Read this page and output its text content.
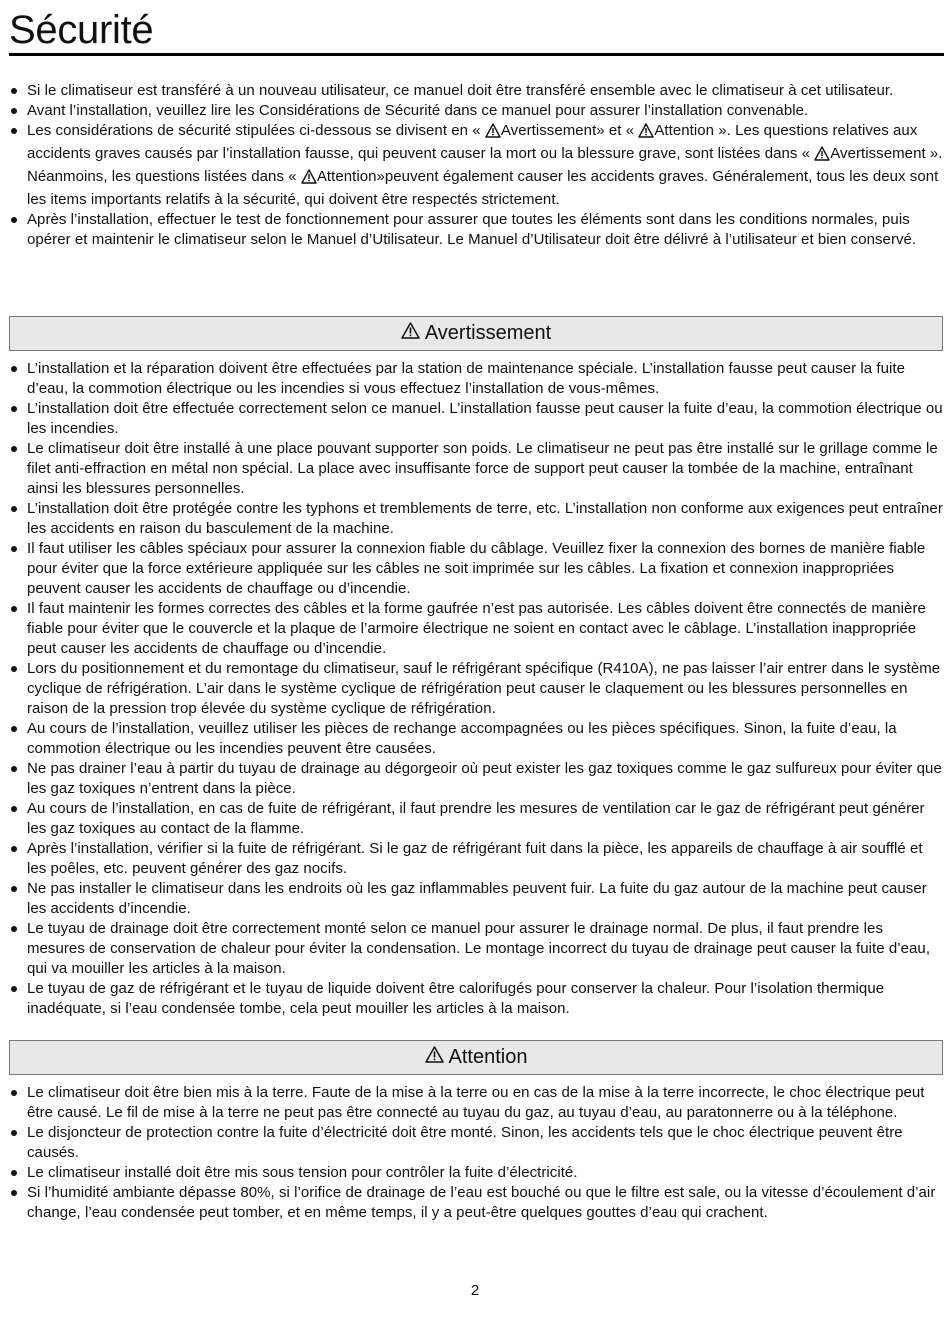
Sécurité
Si le climatiseur est transféré à un nouveau utilisateur, ce manuel doit être transféré ensemble avec le climatiseur à cet utilisateur.
Avant l’installation, veuillez lire les Considérations de Sécurité dans ce manuel pour assurer l’installation convenable.
Les considérations de sécurité stipulées ci-dessous se divisent en « Avertissement» et « Attention ». Les questions relatives aux accidents graves causés par l’installation fausse, qui peuvent causer la mort ou la blessure grave, sont listées dans « Avertissement ». Néanmoins, les questions listées dans « Attention»peuvent également causer les accidents graves. Généralement, tous les deux sont les items importants relatifs à la sécurité, qui doivent être respectés strictement.
Après l’installation, effectuer le test de fonctionnement pour assurer que toutes les éléments sont dans les conditions normales, puis opérer et maintenir le climatiseur selon le Manuel d’Utilisateur. Le Manuel d’Utilisateur doit être délivré à l’utilisateur et bien conservé.
Avertissement
L’installation et la réparation doivent être effectuées par la station de maintenance spéciale. L’installation fausse peut causer la fuite d’eau, la commotion électrique ou les incendies si vous effectuez l’installation de vous-mêmes.
L’installation doit être effectuée correctement selon ce manuel. L’installation fausse peut causer la fuite d’eau, la commotion électrique ou les incendies.
Le climatiseur doit être installé à une place pouvant supporter son poids. Le climatiseur ne peut pas être installé sur le grillage comme le filet anti-effraction en métal non spécial. La place avec insuffisante force de support peut causer la tombée de la machine, entraînant ainsi les blessures personnelles.
L’installation doit être protégée contre les typhons et tremblements de terre, etc. L’installation non conforme aux exigences peut entraîner les accidents en raison du basculement de la machine.
Il faut utiliser les câbles spéciaux pour assurer la connexion fiable du câblage. Veuillez fixer la connexion des bornes de manière fiable pour éviter que la force extérieure appliquée sur les câbles ne soit imprimée sur les câbles. La fixation et connexion inappropriées peuvent causer les accidents de chauffage ou d’incendie.
Il faut maintenir les formes correctes des câbles et la forme gaufrée n’est pas autorisée. Les câbles doivent être connectés de manière fiable pour éviter que le couvercle et la plaque de l’armoire électrique ne soient en contact avec le câblage. L’installation inappropriée peut causer les accidents de chauffage ou d’incendie.
Lors du positionnement et du remontage du climatiseur, sauf le réfrigérant spécifique (R410A), ne pas laisser l’air entrer dans le système cyclique de réfrigération. L’air dans le système cyclique de réfrigération peut causer le claquement ou les blessures personnelles en raison de la pression trop élevée du système cyclique de réfrigération.
Au cours de l’installation, veuillez utiliser les pièces de rechange accompagnées ou les pièces spécifiques. Sinon, la fuite d’eau, la commotion électrique ou les incendies peuvent être causées.
Ne pas drainer l’eau à partir du tuyau de drainage au dégorgeoir où peut exister les gaz toxiques comme le gaz sulfureux pour éviter que les gaz toxiques n’entrent dans la pièce.
Au cours de l’installation, en cas de fuite de réfrigérant, il faut prendre les mesures de ventilation car le gaz de réfrigérant peut générer les gaz toxiques au contact de la flamme.
Après l’installation, vérifier si la fuite de réfrigérant. Si le gaz de réfrigérant fuit dans la pièce, les appareils de chauffage à air soufflé et les poêles, etc. peuvent générer des gaz nocifs.
Ne pas installer le climatiseur dans les endroits où les gaz inflammables peuvent fuir. La fuite du gaz autour de la machine peut causer les accidents d’incendie.
Le tuyau de drainage doit être correctement monté selon ce manuel pour assurer le drainage normal. De plus, il faut prendre les mesures de conservation de chaleur pour éviter la condensation. Le montage incorrect du tuyau de drainage peut causer la fuite d’eau, qui va mouiller les articles à la maison.
Le tuyau de gaz de réfrigérant et le tuyau de liquide doivent être calorifugés pour conserver la chaleur. Pour l’isolation thermique inadéquate, si l’eau condensée tombe, cela peut mouiller les articles à la maison.
Attention
Le climatiseur doit être bien mis à la terre. Faute de la mise à la terre ou en cas de la mise à la terre incorrecte, le choc électrique peut être causé. Le fil de mise à la terre ne peut pas être connecté au tuyau du gaz, au tuyau d’eau, au paratonnerre ou à la téléphone.
Le disjoncteur de protection contre la fuite d’électricité doit être monté. Sinon, les accidents tels que le choc électrique peuvent être causés.
Le climatiseur installé doit être mis sous tension pour contrôler la fuite d’électricité.
Si l’humidité ambiante dépasse 80%, si l’orifice de drainage de l’eau est bouché ou que le filtre est sale, ou la vitesse d’écoulement d’air change, l’eau condensée peut tomber, et en même temps, il y a peut-être quelques gouttes d’eau qui crachent.
2
